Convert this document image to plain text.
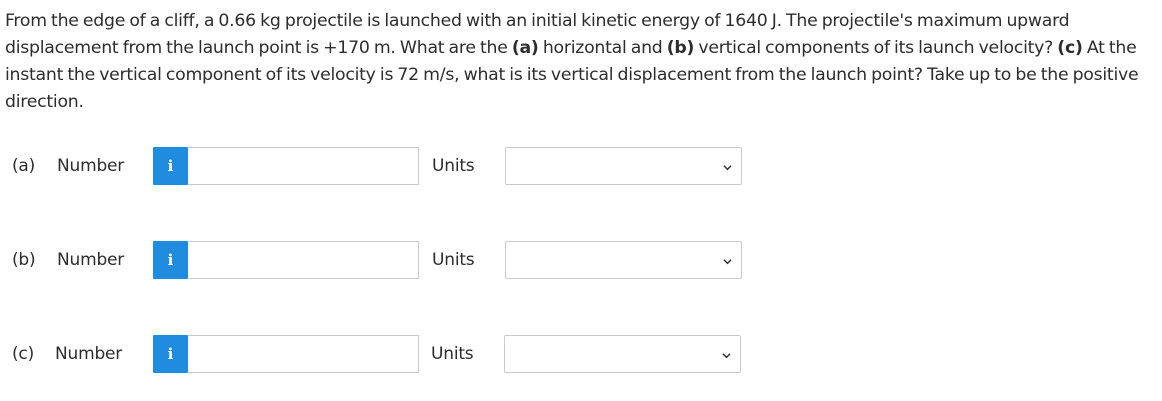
From the edge of a cliff, a 0.66 kg projectile is launched with an initial kinetic energy of 1640 J. The projectile's maximum upward displacement from the launch point is +170 m. What are the (a) horizontal and (b) vertical components of its launch velocity? (c) At the instant the vertical component of its velocity is 72 m/s, what is its vertical displacement from the launch point? Take up to be the positive direction.
(a) Number	i	Units
(b) Number	i	Units
(c) Number	i	Units
